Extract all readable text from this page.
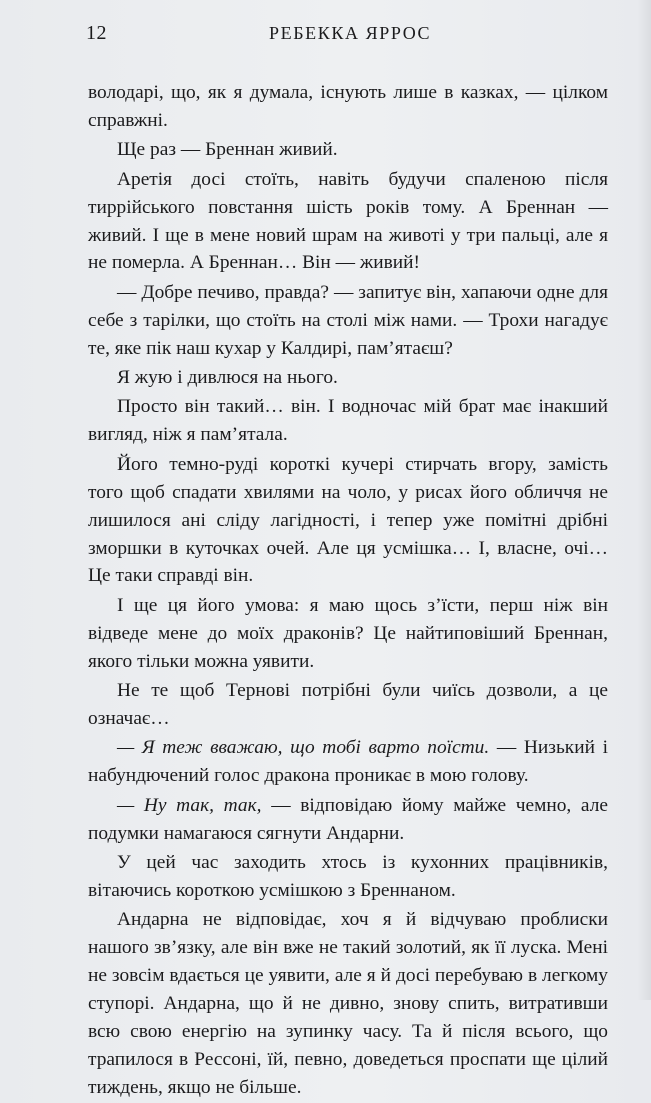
12	РЕБЕККА ЯРРОС

володарі, що, як я думала, існують лише в казках, — цілком справжні.

Ще раз — Бреннан живий.

Аретія досі стоїть, навіть будучи спаленою після тиррійського повстання шість років тому. А Бреннан — живий. І ще в мене новий шрам на животі у три пальці, але я не померла. А Бреннан… Він — живий!

— Добре печиво, правда? — запитує він, хапаючи одне для себе з тарілки, що стоїть на столі між нами. — Трохи нагадує те, яке пік наш кухар у Калдирі, пам’ятаєш?

Я жую і дивлюся на нього.

Просто він такий… він. І водночас мій брат має інакший вигляд, ніж я пам’ятала.

Його темно-руді короткі кучері стирчать вгору, замість того щоб спадати хвилями на чоло, у рисах його обличчя не лишилося ані сліду лагідності, і тепер уже помітні дрібні зморшки в куточках очей. Але ця усмішка… І, власне, очі… Це таки справді він.

І ще ця його умова: я маю щось з’їсти, перш ніж він відведе мене до моїх драконів? Це найтиповіший Бреннан, якого тільки можна уявити.

Не те щоб Тернові потрібні були чиїсь дозволи, а це означає…

— Я теж вважаю, що тобі варто поїсти. — Низький і набундючений голос дракона проникає в мою голову.

— Ну так, так, — відповідаю йому майже чемно, але подумки намагаюся сягнути Андарни.

У цей час заходить хтось із кухонних працівників, вітаючись короткою усмішкою з Бреннаном.

Андарна не відповідає, хоч я й відчуваю проблиски нашого зв’язку, але він вже не такий золотий, як її луска. Мені не зовсім вдається це уявити, але я й досі перебуваю в легкому ступорі. Андарна, що й не дивно, знову спить, витративши всю свою енергію на зупинку часу. Та й після всього, що трапилося в Рессоні, їй, певно, доведеться проспати ще цілий тиждень, якщо не більше.
